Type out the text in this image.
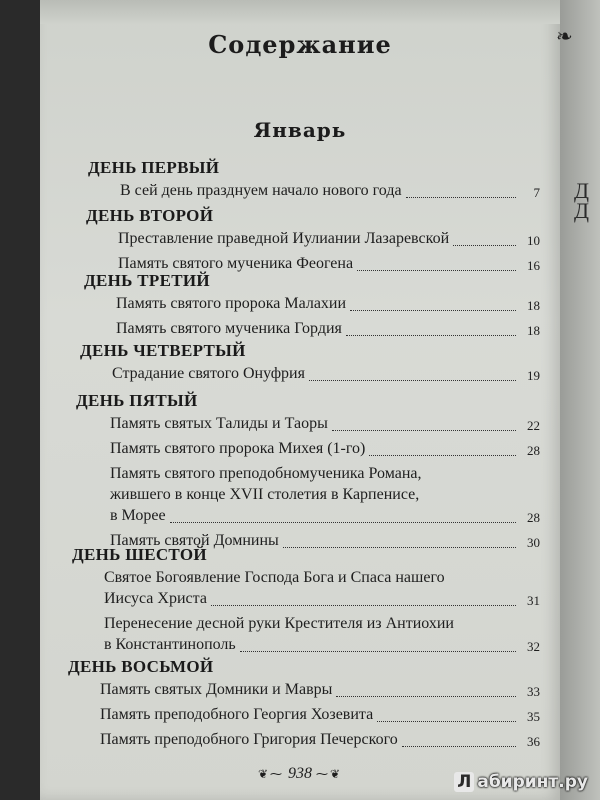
Д
Д
❧
Содержание
Январь
ДЕНЬ ПЕРВЫЙ
В сей день празднуем начало нового года	7
ДЕНЬ ВТОРОЙ
Преставление праведной Иулиании Лазаревской	10
Память святого мученика Феогена	16
ДЕНЬ ТРЕТИЙ
Память святого пророка Малахии	18
Память святого мученика Гордия	18
ДЕНЬ ЧЕТВЕРТЫЙ
Страдание святого Онуфрия	19
ДЕНЬ ПЯТЫЙ
Память святых Талиды и Таоры	22
Память святого пророка Михея (1-го)	28
Память святого преподобномученика Романа,
жившего в конце XVII столетия в Карпенисе,
в Морее	28
Память святой Домнины	30
ДЕНЬ ШЕСТОЙ
Святое Богоявление Господа Бога и Спаса нашего
Иисуса Христа	31
Перенесение десной руки Крестителя из Антиохии
в Константинополь	32
ДЕНЬ ВОСЬМОЙ
Память святых Домники и Мавры	33
Память преподобного Георгия Хозевита	35
Память преподобного Григория Печерского	36
❦⁓ 938 ⁓❦	Л абиринт.ру
